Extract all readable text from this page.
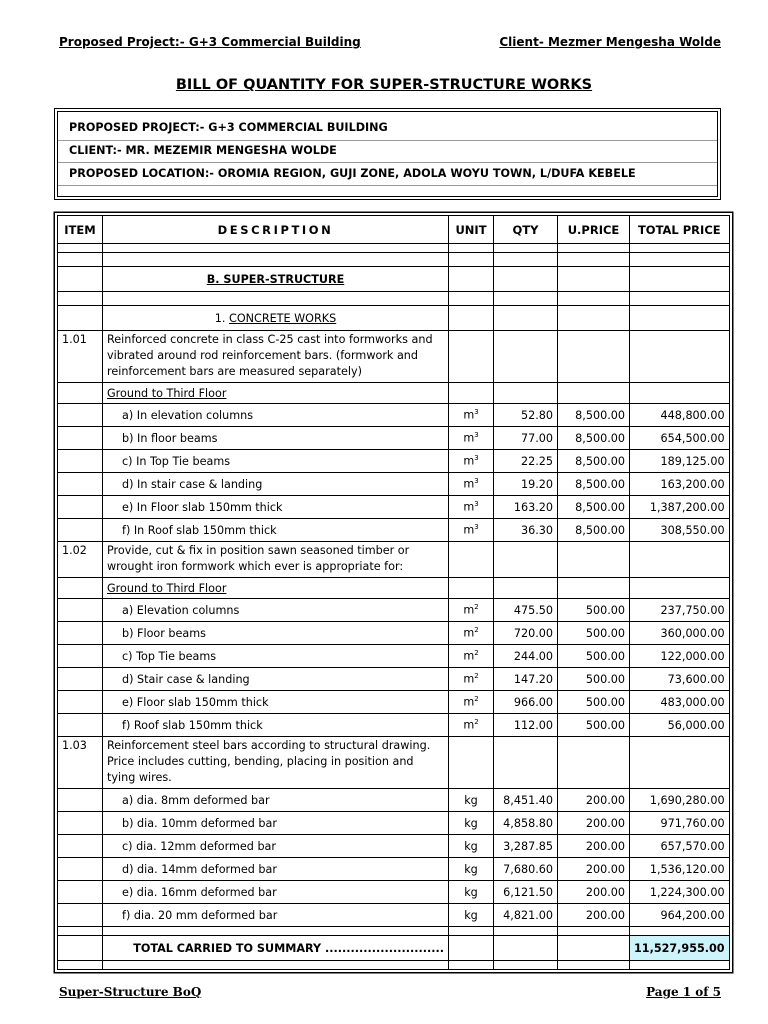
Proposed Project:- G+3 Commercial Building	Client- Mezmer Mengesha Wolde
BILL OF QUANTITY FOR SUPER-STRUCTURE WORKS
PROPOSED PROJECT:- G+3 COMMERCIAL BUILDING
CLIENT:- MR. MEZEMIR MENGESHA WOLDE
PROPOSED LOCATION:- OROMIA REGION, GUJI ZONE, ADOLA WOYU TOWN, L/DUFA KEBELE
ITEM	DESCRIPTION	UNIT	QTY	U.PRICE	TOTAL PRICE

	B. SUPER-STRUCTURE				

	1. CONCRETE WORKS				
1.01	Reinforced concrete in class C-25 cast into formworks and vibrated around rod reinforcement bars. (formwork and reinforcement bars are measured separately)				
	Ground to Third Floor				
	a) In elevation columns	$m^3$	52.80	8,500.00	448,800.00
	b) In floor beams	$m^3$	77.00	8,500.00	654,500.00
	c) In Top Tie beams	$m^3$	22.25	8,500.00	189,125.00
	d) In stair case & landing	$m^3$	19.20	8,500.00	163,200.00
	e) In Floor slab 150mm thick	$m^3$	163.20	8,500.00	1,387,200.00
	f) In Roof slab 150mm thick	$m^3$	36.30	8,500.00	308,550.00
1.02	Provide, cut & fix in position sawn seasoned timber or wrought iron formwork which ever is appropriate for:				
	Ground to Third Floor				
	a) Elevation columns	$m^2$	475.50	500.00	237,750.00
	b) Floor beams	$m^2$	720.00	500.00	360,000.00
	c) Top Tie beams	$m^2$	244.00	500.00	122,000.00
	d) Stair case & landing	$m^2$	147.20	500.00	73,600.00
	e) Floor slab 150mm thick	$m^2$	966.00	500.00	483,000.00
	f) Roof slab 150mm thick	$m^2$	112.00	500.00	56,000.00
1.03	Reinforcement steel bars according to structural drawing. Price includes cutting, bending, placing in position and tying wires.				
	a) dia. 8mm deformed bar	kg	8,451.40	200.00	1,690,280.00
	b) dia. 10mm deformed bar	kg	4,858.80	200.00	971,760.00
	c) dia. 12mm deformed bar	kg	3,287.85	200.00	657,570.00
	d) dia. 14mm deformed bar	kg	7,680.60	200.00	1,536,120.00
	e) dia. 16mm deformed bar	kg	6,121.50	200.00	1,224,300.00
	f) dia. 20 mm deformed bar	kg	4,821.00	200.00	964,200.00

	TOTAL CARRIED TO SUMMARY ............................				11,527,955.00

Super-Structure BoQ	Page 1 of 5
